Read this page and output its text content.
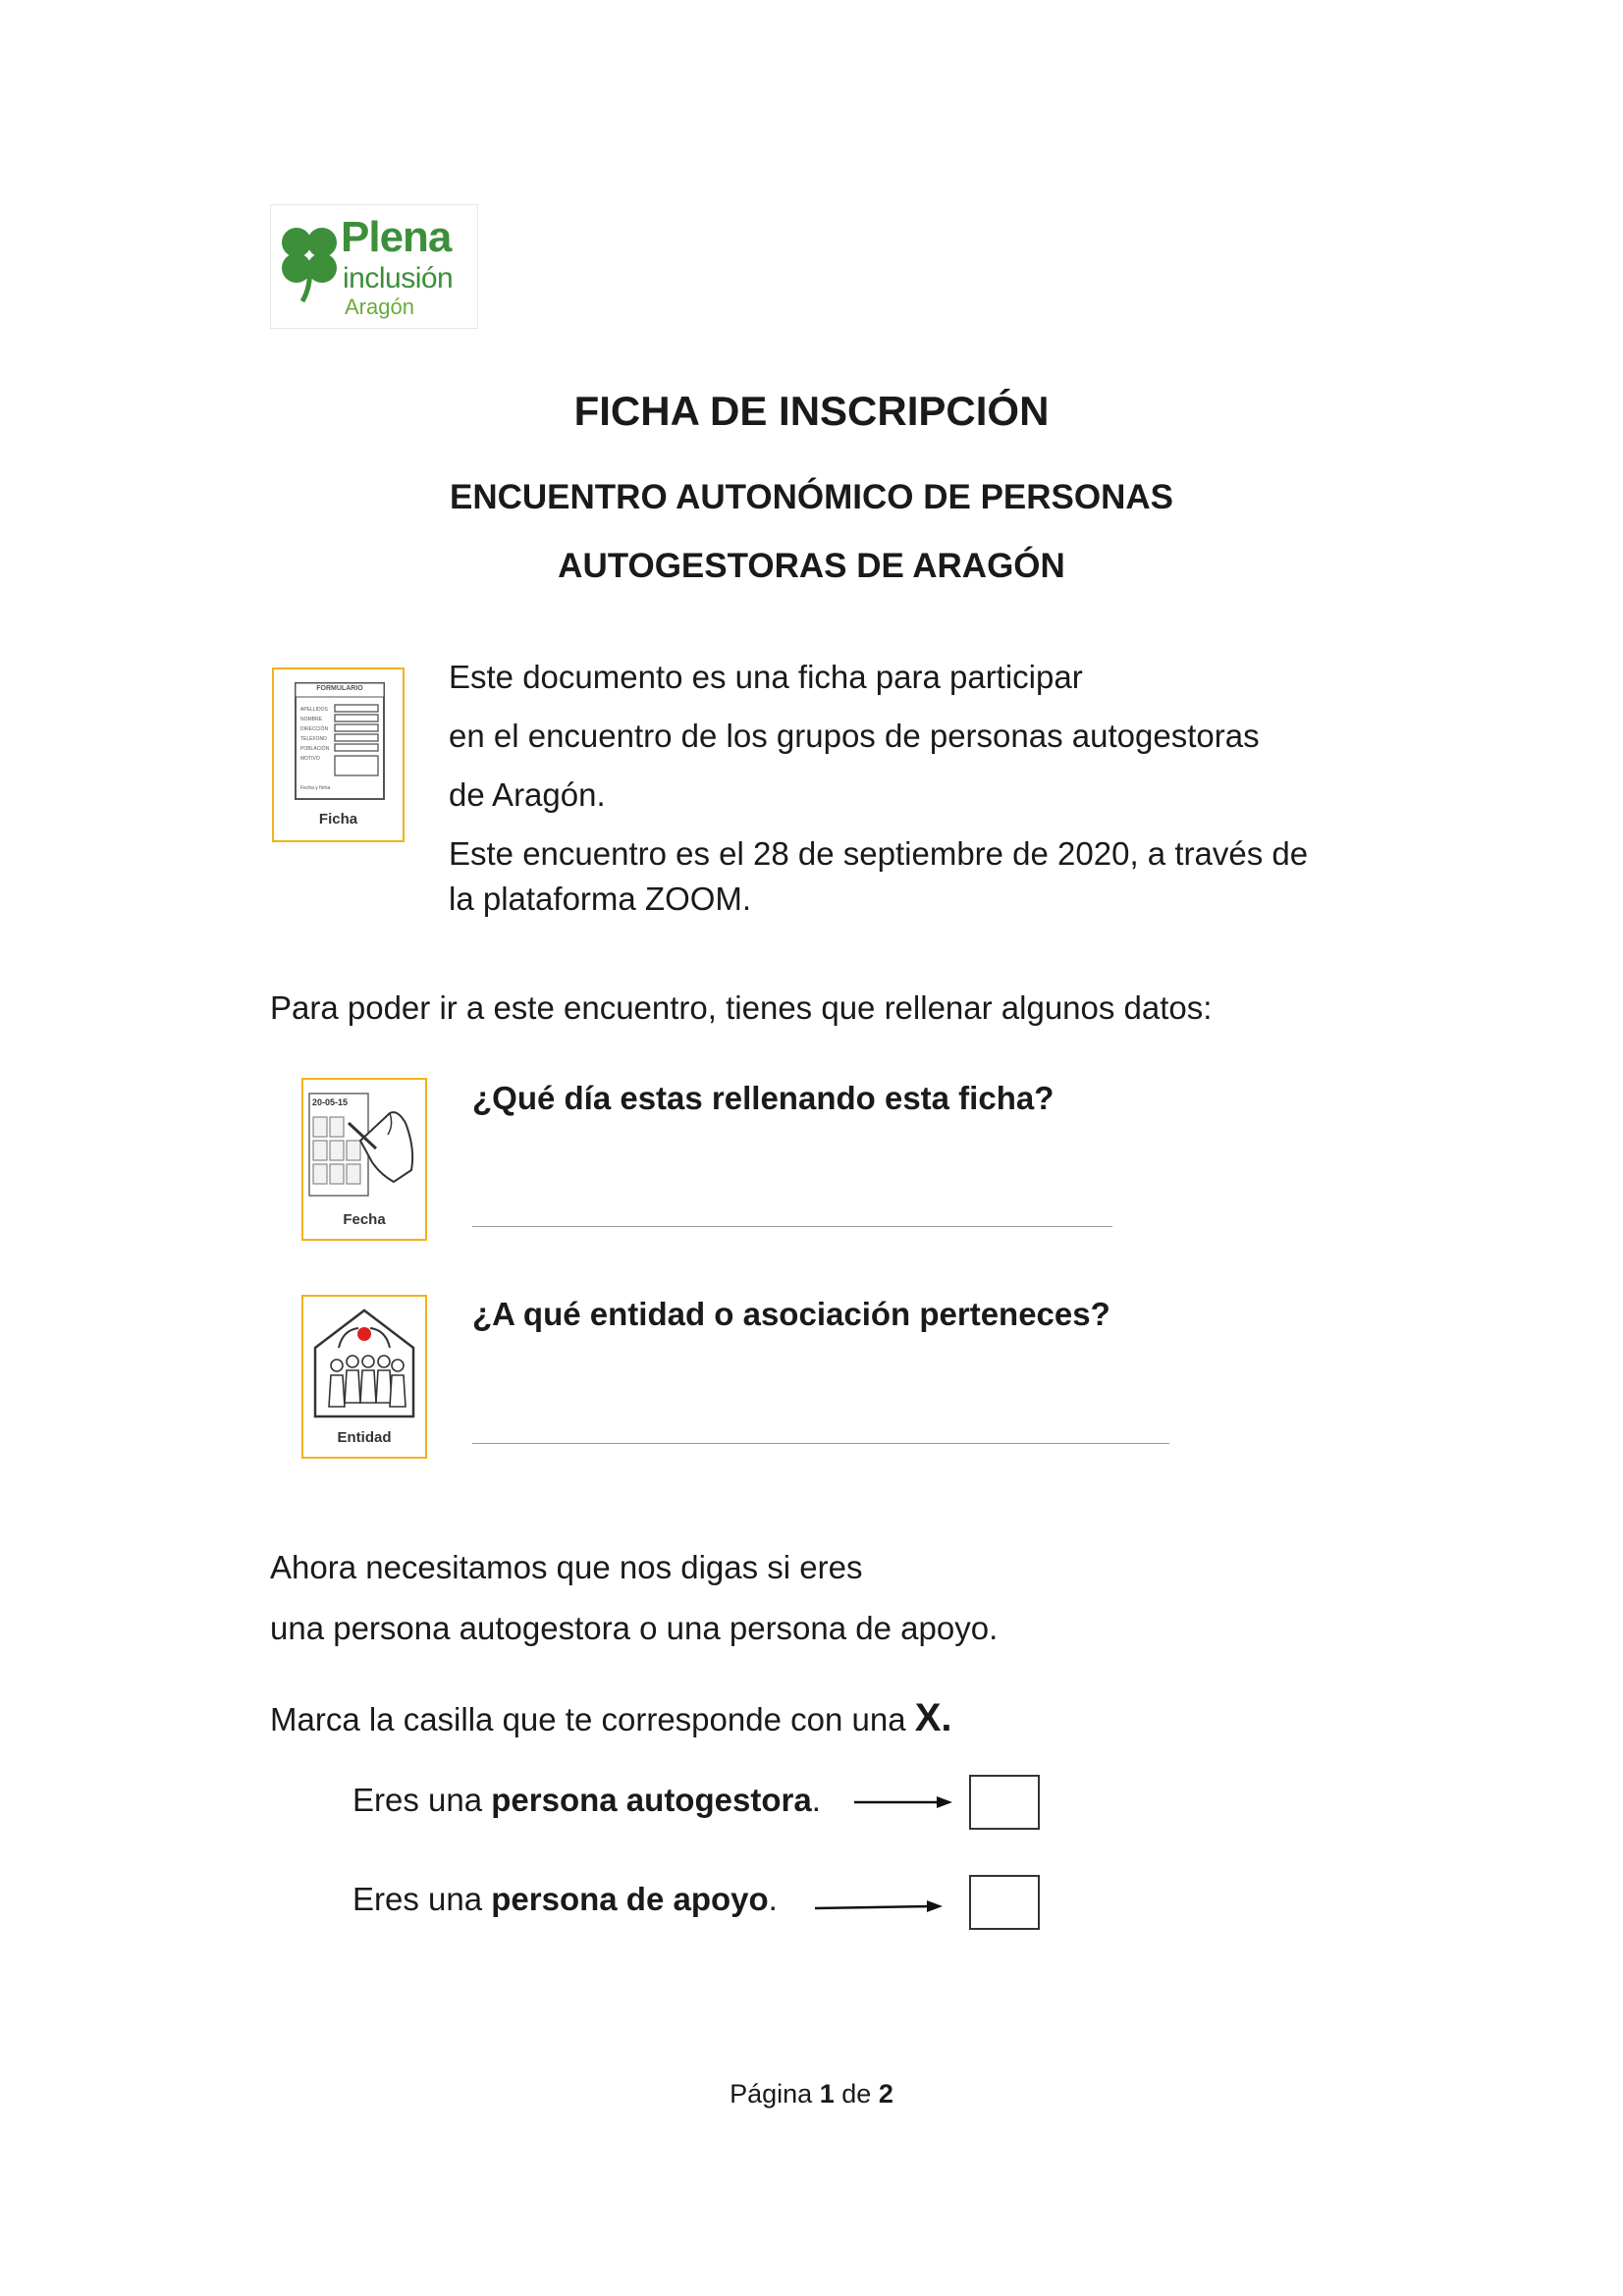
Plena
inclusión
Aragón
FICHA DE INSCRIPCIÓN
ENCUENTRO AUTONÓMICO DE PERSONAS
AUTOGESTORAS DE ARAGÓN
FORMULARIO
APELLIDOS
NOMBRE
DIRECCIÓN
TELÉFONO
POBLACIÓN
MOTIVO
Fecha y firma
Ficha

Este documento es una ficha para participar

en el encuentro de los grupos de personas autogestoras

de Aragón.

Este encuentro es el 28 de septiembre de 2020, a través de

la plataforma ZOOM.

Para poder ir a este encuentro, tienes que rellenar algunos datos:
20-05-15
Fecha
¿Qué día estas rellenando esta ficha?
Entidad
¿A qué entidad o asociación perteneces?
Ahora necesitamos que nos digas si eres
una persona autogestora o una persona de apoyo.
Marca la casilla que te corresponde con una X.
Eres una persona autogestora.
Eres una persona de apoyo.
Página 1 de 2
